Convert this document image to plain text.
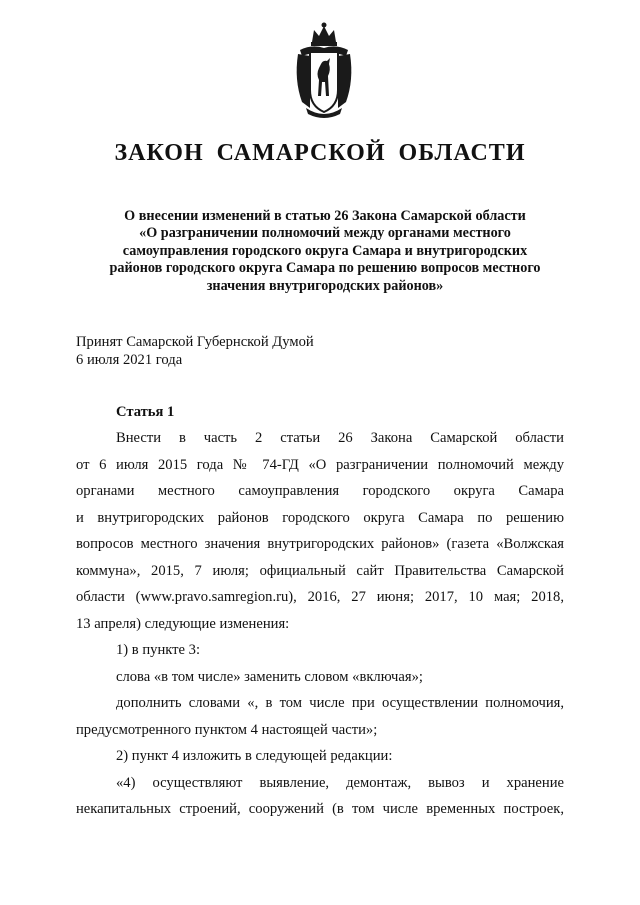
ЗАКОН САМАРСКОЙ ОБЛАСТИ
О внесении изменений в статью 26 Закона Самарской области
«О разграничении полномочий между органами местного
самоуправления городского округа Самара и внутригородских
районов городского округа Самара по решению вопросов местного
значения внутригородских районов»
Принят Самарской Губернской Думой
6 июля 2021 года
Статья 1
Внести в часть 2 статьи 26 Закона Самарской области
от 6 июля 2015 года № 74-ГД «О разграничении полномочий между
органами местного самоуправления городского округа Самара
и внутригородских районов городского округа Самара по решению
вопросов местного значения внутригородских районов» (газета «Волжская
коммуна», 2015, 7 июля; официальный сайт Правительства Самарской
области (www.pravo.samregion.ru), 2016, 27 июня; 2017, 10 мая; 2018,
13 апреля) следующие изменения:
1) в пункте 3:
слова «в том числе» заменить словом «включая»;
дополнить словами «, в том числе при осуществлении полномочия,
предусмотренного пунктом 4 настоящей части»;
2) пункт 4 изложить в следующей редакции:
«4) осуществляют выявление, демонтаж, вывоз и хранение
некапитальных строений, сооружений (в том числе временных построек,
